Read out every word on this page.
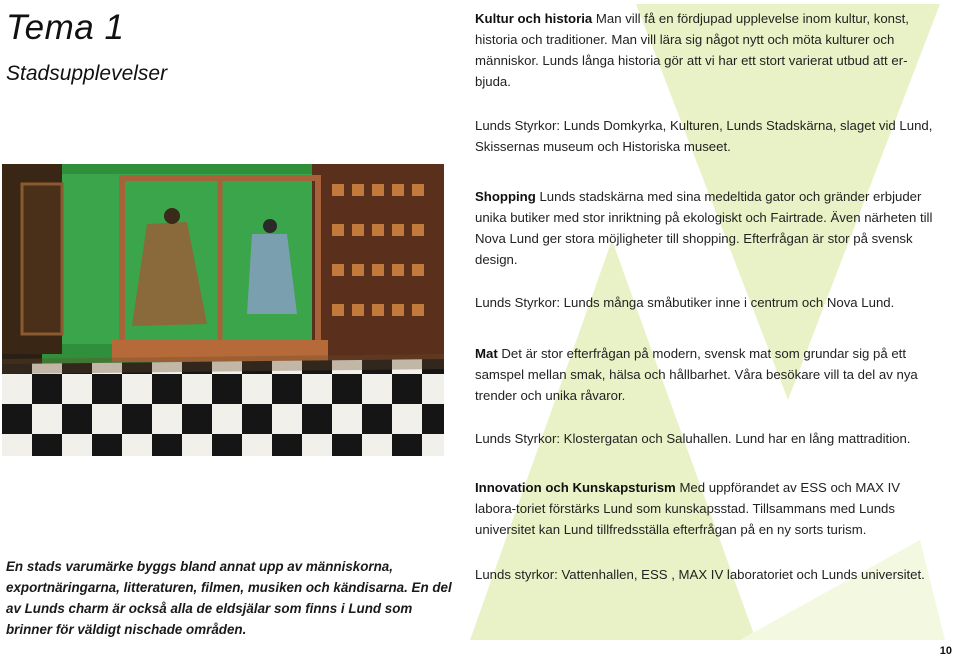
Tema 1
Stadsupplevelser
En stads varumärke byggs bland annat upp av människorna, exportnäringarna, litteraturen, filmen, musiken och kändisarna. En del av Lunds charm är också alla de eldsjälar som finns i Lund som brinner för väldigt nischade områden.

Kultur och historia Man vill få en fördjupad upplevelse inom kultur, konst, historia och traditioner. Man vill lära sig något nytt och möta kulturer och människor. Lunds långa historia gör att vi har ett stort varierat utbud att er-bjuda.

Lunds Styrkor: Lunds Domkyrka, Kulturen, Lunds Stadskärna, slaget vid Lund, Skissernas museum och Historiska museet.

Shopping Lunds stadskärna med sina medeltida gator och gränder erbjuder unika butiker med stor inriktning på ekologiskt och Fairtrade. Även närheten till Nova Lund ger stora möjligheter till shopping. Efterfrågan är stor på svensk design.

Lunds Styrkor: Lunds många småbutiker inne i centrum och Nova Lund.

Mat Det är stor efterfrågan på modern, svensk mat som grundar sig på ett samspel mellan smak, hälsa och hållbarhet. Våra besökare vill ta del av nya trender och unika råvaror.

Lunds Styrkor: Klostergatan och Saluhallen. Lund har en lång mattradition.

Innovation och Kunskapsturism Med uppförandet av ESS och MAX IV labora-toriet förstärks Lund som kunskapsstad. Tillsammans med Lunds universitet kan Lund tillfredsställa efterfrågan på en ny sorts turism.

Lunds styrkor: Vattenhallen, ESS , MAX IV laboratoriet och Lunds universitet.

10
